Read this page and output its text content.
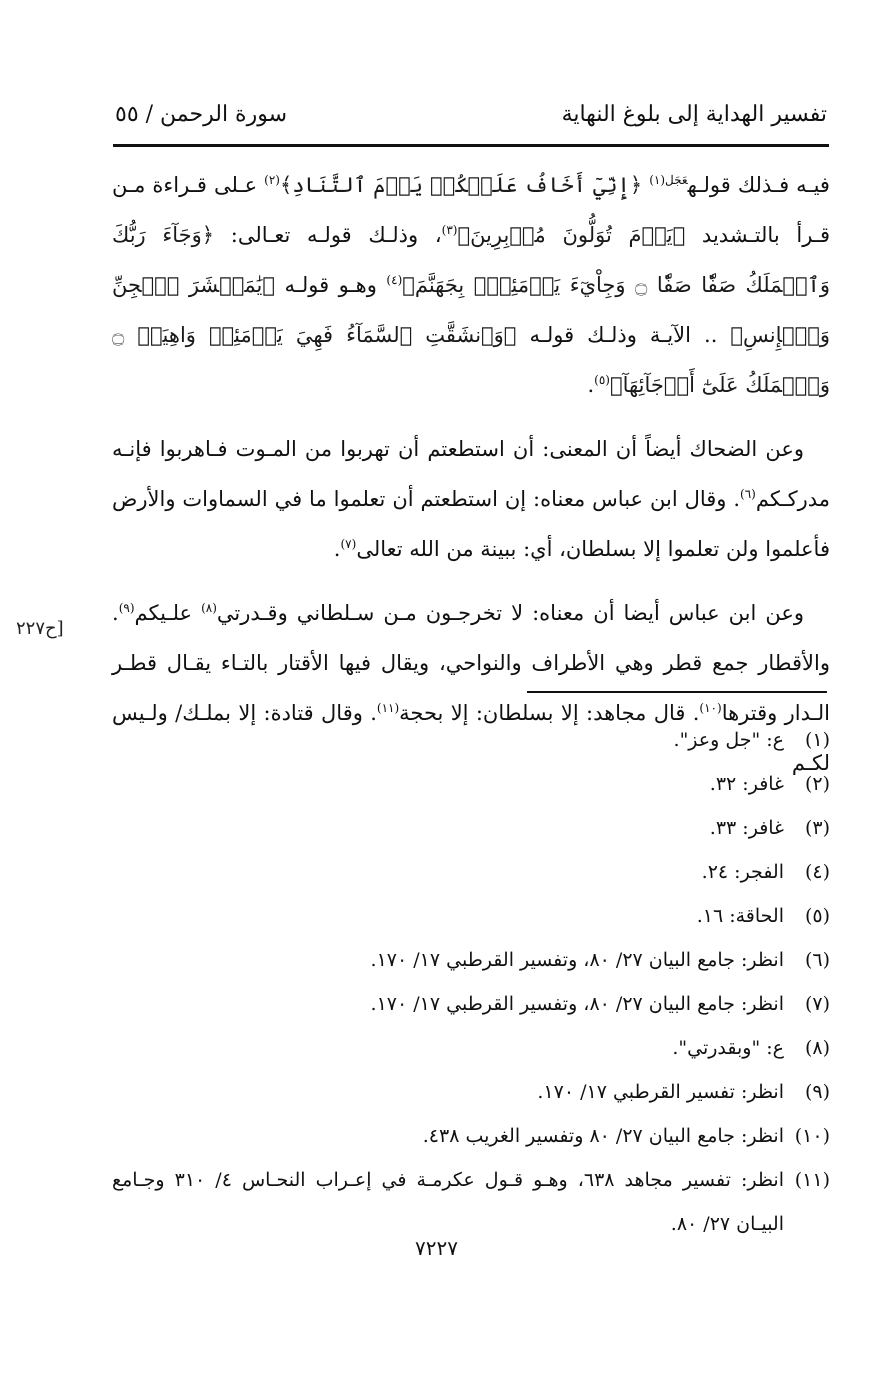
تفسير الهداية إلى بلوغ النهاية
سورة الرحمن / ٥٥

فيـه فـذلك قولـه$^{عَجَل(١)}$ ﴿إِنِّيٓ أَخَافُ عَلَيۡكُمۡ يَوۡمَ ٱلتَّنَادِ﴾$^{(٢)}$ عـلى قـراءة مـن قـرأ بالتـشديد ﴿يَوۡمَ تُوَلُّونَ مُدۡبِرِينَ﴾$^{(٣)}$، وذلـك قولـه تعـالى: ﴿وَجَآءَ رَبُّكَ وَٱلۡمَلَكُ صَفّٗا صَفّٗا ۝ وَجِاْيٓءَ يَوۡمَئِذِۭ بِجَهَنَّمَ﴾$^{(٤)}$ وهـو قولـه ﴿يَٰمَعۡشَرَ ٱلۡجِنِّ وَٱلۡإِنسِ﴾ .. الآيـة وذلـك قولـه ﴿وَٱنشَقَّتِ ٱلسَّمَآءُ فَهِيَ يَوۡمَئِذٖ وَاهِيَةٞ ۝ وَٱلۡمَلَكُ عَلَىٰٓ أَرۡجَآئِهَآ﴾$^{(٥)}$.

وعن الضحاك أيضاً أن المعنى: أن استطعتم أن تهربوا من المـوت فـاهربوا فإنـه مدركـكم$^{(٦)}$. وقال ابن عباس معناه: إن استطعتم أن تعلموا ما في السماوات والأرض فأعلموا ولن تعلموا إلا بسلطان، أي: ببينة من الله تعالى$^{(٧)}$.

وعن ابن عباس أيضا أن معناه: لا تخرجـون مـن سـلطاني وقـدرتي$^{(٨)}$ علـيكم$^{(٩)}$. والأقطار جمع قطر وهي الأطراف والنواحي، ويقال فيها الأقتار بالتـاء يقـال قطـر الـدار وقترها$^{(١٠)}$. قال مجاهد: إلا بسلطان: إلا بحجة$^{(١١)}$. وقال قتادة: إلا بملـك/ ولـيس لكـم

[ح٢٢٧
(١)
ع: "جل وعز".
(٢)
غافر: ٣٢.
(٣)
غافر: ٣٣.
(٤)
الفجر: ٢٤.
(٥)
الحاقة: ١٦.
(٦)
انظر: جامع البيان ٢٧/ ٨٠، وتفسير القرطبي ١٧/ ١٧٠.
(٧)
انظر: جامع البيان ٢٧/ ٨٠، وتفسير القرطبي ١٧/ ١٧٠.
(٨)
ع: "وبقدرتي".
(٩)
انظر: تفسير القرطبي ١٧/ ١٧٠.
(١٠)
انظر: جامع البيان ٢٧/ ٨٠ وتفسير الغريب ٤٣٨.
(١١)
انظر: تفسير مجاهد ٦٣٨، وهـو قـول عكرمـة في إعـراب النحـاس ٤/ ٣١٠ وجـامع البيـان ٢٧/ ٨٠.
٧٢٢٧
